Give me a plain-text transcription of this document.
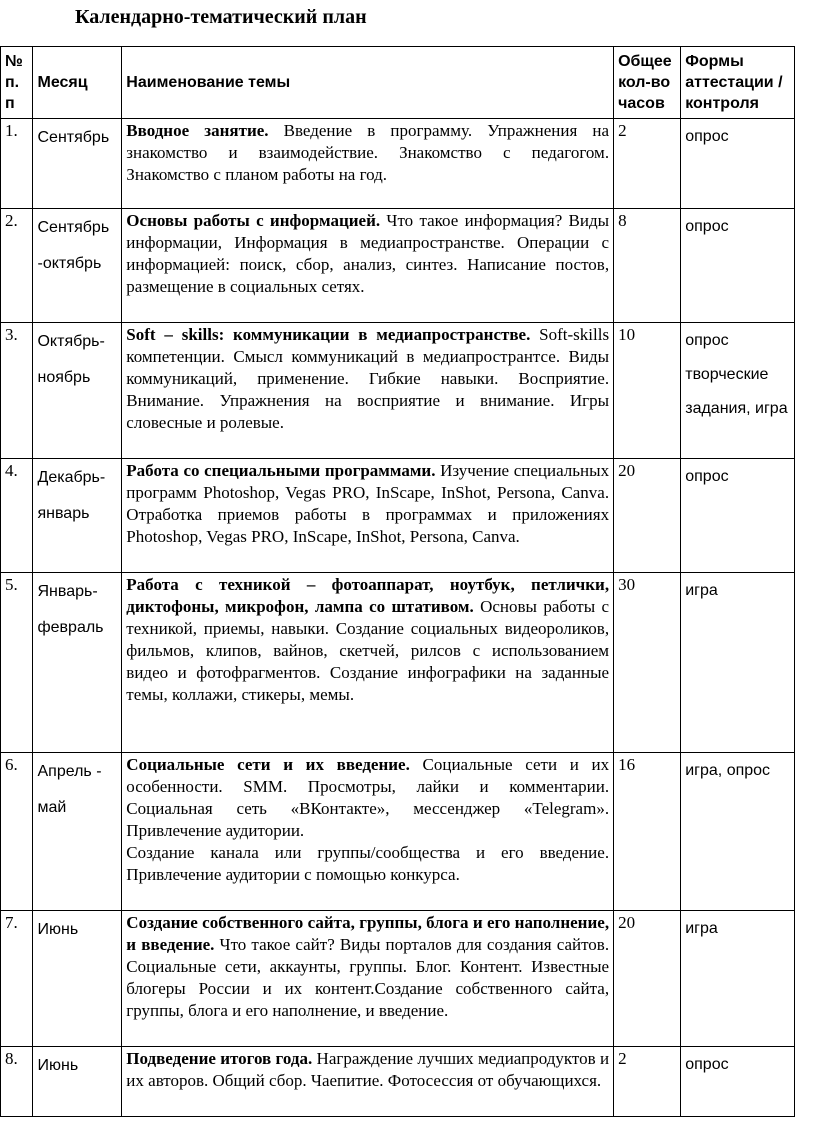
Календарно-тематический план
№ п. п	Месяц	Наименование темы	Общее кол-во часов	Формы аттестации / контроля
1.	Сентябрь	Вводное занятие. Введение в программу. Упражнения на знакомство и взаимодействие. Знакомство с педагогом. Знакомство с планом работы на год.	2	опрос
2.	Сентябрь -октябрь	Основы работы с информацией. Что такое информация? Виды информации, Информация в медиапространстве. Операции с информацией: поиск, сбор, анализ, синтез. Написание постов, размещение в социальных сетях.	8	опрос
3.	Октябрь- ноябрь	Soft – skills: коммуникации в медиапространстве. Soft-skills компетенции. Смысл коммуникаций в медиапространтсе. Виды коммуникаций, применение. Гибкие навыки. Восприятие. Внимание. Упражнения на восприятие и внимание. Игры словесные и ролевые.	10	опрос творческие задания, игра
4.	Декабрь- январь	Работа со специальными программами. Изучение специальных программ Photoshop, Vegas PRO, InScape, InShot, Persona, Canva. Отработка приемов работы в программах и приложениях Photoshop, Vegas PRO, InScape, InShot, Persona, Canva.	20	опрос
5.	Январь- февраль	Работа с техникой – фотоаппарат, ноутбук, петлички, диктофоны, микрофон, лампа со штативом. Основы работы с техникой, приемы, навыки. Создание социальных видеороликов, фильмов, клипов, вайнов, скетчей, рилсов с использованием видео и фотофрагментов. Создание инфографики на заданные темы, коллажи, стикеры, мемы.	30	игра
6.	Апрель - май	Социальные сети и их введение. Социальные сети и их особенности. SMM. Просмотры, лайки и комментарии. Социальная сеть «ВКонтакте», мессенджер «Telegram». Привлечение аудитории.
Создание канала или группы/сообщества и его введение. Привлечение аудитории с помощью конкурса.	16	игра, опрос
7.	Июнь	Создание собственного сайта, группы, блога и его наполнение, и введение. Что такое сайт? Виды порталов для создания сайтов. Социальные сети, аккаунты, группы. Блог. Контент. Известные блогеры России и их контент.Создание собственного сайта, группы, блога и его наполнение, и введение.	20	игра
8.	Июнь	Подведение итогов года. Награждение лучших медиапродуктов и их авторов. Общий сбор. Чаепитие. Фотосессия от обучающихся.	2	опрос
